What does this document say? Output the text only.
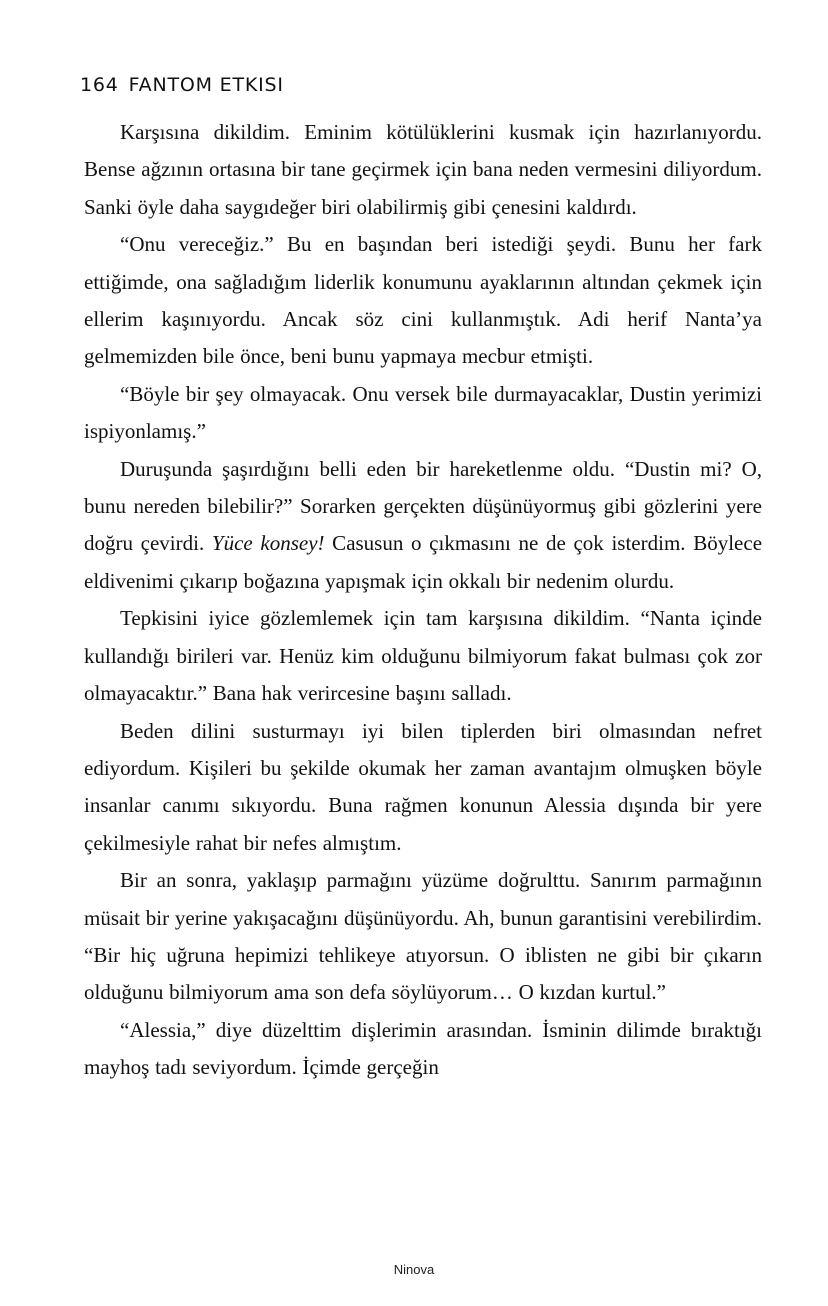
164 FANTOM ETKISI

Karşısına dikildim. Eminim kötülüklerini kusmak için hazırlanıyordu. Bense ağzının ortasına bir tane geçirmek için bana neden vermesini diliyordum. Sanki öyle daha saygıdeğer biri olabilirmiş gibi çenesini kaldırdı.

“Onu vereceğiz.” Bu en başından beri istediği şeydi. Bunu her fark ettiğimde, ona sağladığım liderlik konumunu ayaklarının altından çekmek için ellerim kaşınıyordu. Ancak söz cini kullanmıştık. Adi herif Nanta’ya gelmemizden bile önce, beni bunu yapmaya mecbur etmişti.

“Böyle bir şey olmayacak. Onu versek bile durmayacaklar, Dustin yerimizi ispiyonlamış.”

Duruşunda şaşırdığını belli eden bir hareketlenme oldu. “Dustin mi? O, bunu nereden bilebilir?” Sorarken gerçekten düşünüyormuş gibi gözlerini yere doğru çevirdi. Yüce konsey! Casusun o çıkmasını ne de çok isterdim. Böylece eldivenimi çıkarıp boğazına yapışmak için okkalı bir nedenim olurdu.

Tepkisini iyice gözlemlemek için tam karşısına dikildim. “Nanta içinde kullandığı birileri var. Henüz kim olduğunu bilmiyorum fakat bulması çok zor olmayacaktır.” Bana hak verircesine başını salladı.

Beden dilini susturmayı iyi bilen tiplerden biri olmasından nefret ediyordum. Kişileri bu şekilde okumak her zaman avantajım olmuşken böyle insanlar canımı sıkıyordu. Buna rağmen konunun Alessia dışında bir yere çekilmesiyle rahat bir nefes almıştım.

Bir an sonra, yaklaşıp parmağını yüzüme doğrulttu. Sanırım parmağının müsait bir yerine yakışacağını düşünüyordu. Ah, bunun garantisini verebilirdim. “Bir hiç uğruna hepimizi tehlikeye atıyorsun. O iblisten ne gibi bir çıkarın olduğunu bilmiyorum ama son defa söylüyorum… O kızdan kurtul.”

“Alessia,” diye düzelttim dişlerimin arasından. İsminin dilimde bıraktığı mayhoş tadı seviyordum. İçimde gerçeğin

Ninova
